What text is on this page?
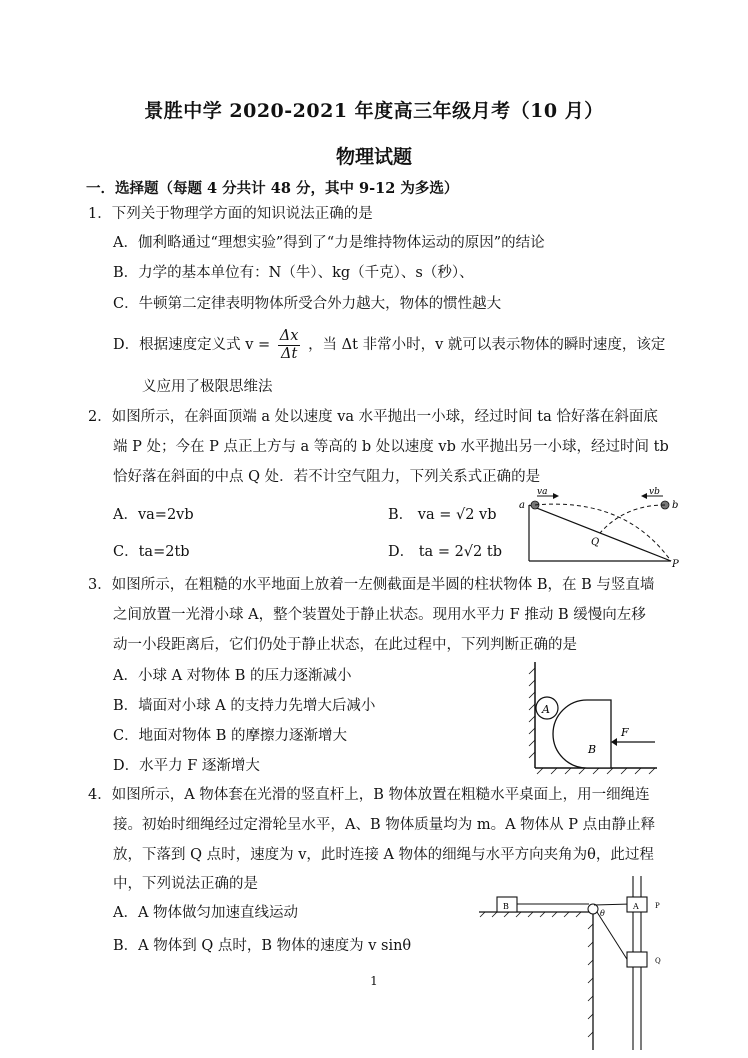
景胜中学 2020-2021 年度高三年级月考（10 月）
物理试题
一．选择题（每题 4 分共计 48 分，其中 9-12 为多选）
1．下列关于物理学方面的知识说法正确的是
A．伽利略通过“理想实验”得到了“力是维持物体运动的原因”的结论
B．力学的基本单位有：N（牛）、kg（千克）、s（秒）、
C．牛顿第二定律表明物体所受合外力越大，物体的惯性越大
D．根据速度定义式 $v = \frac{\Delta x}{\Delta t}$ ，当 Δt 非常小时，v 就可以表示物体的瞬时速度，该定
义应用了极限思维法
2．如图所示，在斜面顶端 a 处以速度 va 水平抛出一小球，经过时间 ta 恰好落在斜面底
端 P 处；今在 P 点正上方与 a 等高的 b 处以速度 vb 水平抛出另一小球，经过时间 tb
恰好落在斜面的中点 Q 处．若不计空气阻力，下列关系式正确的是
A．va=2vb	B． va = √2 vb
C．ta=2tb	D． ta = 2√2 tb
a
va	vb
b
Q
P
3．如图所示，在粗糙的水平地面上放着一左侧截面是半圆的柱状物体 B，在 B 与竖直墙
之间放置一光滑小球 A，整个装置处于静止状态。现用水平力 F 推动 B 缓慢向左移
动一小段距离后，它们仍处于静止状态，在此过程中，下列判断正确的是
A．小球 A 对物体 B 的压力逐渐减小
B．墙面对小球 A 的支持力先增大后减小
C．地面对物体 B 的摩擦力逐渐增大
D．水平力 F 逐渐增大
A
B
F
4．如图所示，A 物体套在光滑的竖直杆上，B 物体放置在粗糙水平桌面上，用一细绳连
接。初始时细绳经过定滑轮呈水平，A、B 物体质量均为 m。A 物体从 P 点由静止释
放，下落到 Q 点时，速度为 v，此时连接 A 物体的细绳与水平方向夹角为θ，此过程
中，下列说法正确的是
A．A 物体做匀加速直线运动
B．A 物体到 Q 点时，B 物体的速度为 v sinθ
B
θ
A P
Q
1
